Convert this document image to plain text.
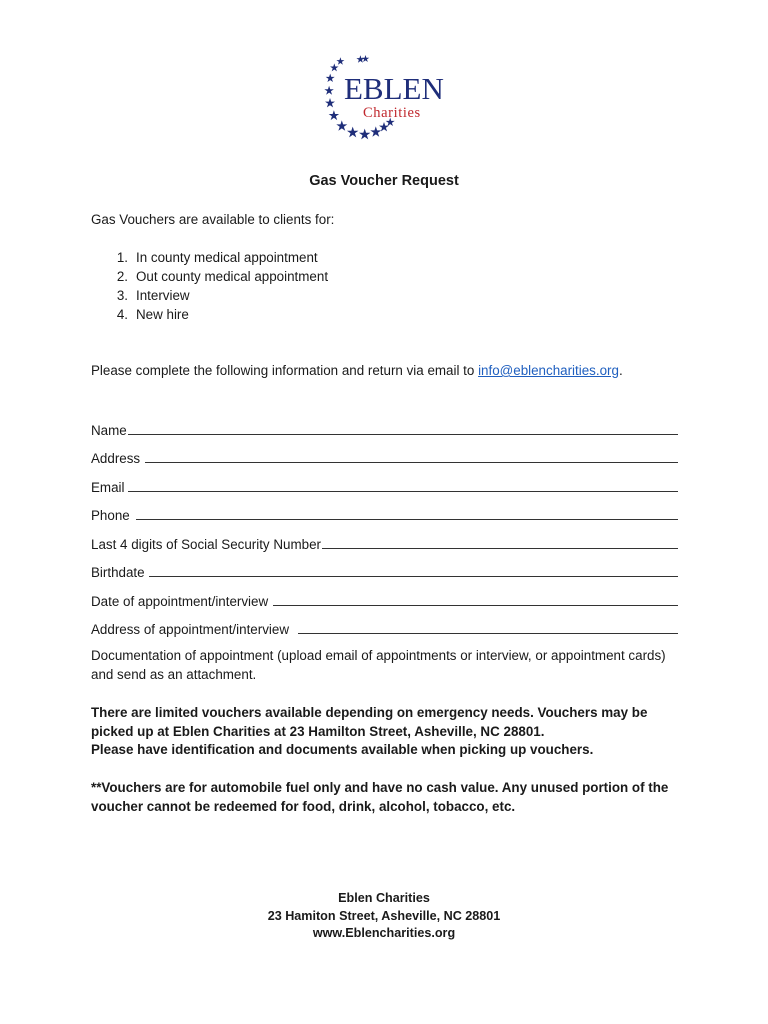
EBLEN
Charities
Gas Voucher Request
Gas Vouchers are available to clients for:
1. In county medical appointment
2. Out county medical appointment
3. Interview
4. New hire
Please complete the following information and return via email to info@eblencharities.org.
Name
Address
Email
Phone
Last 4 digits of Social Security Number
Birthdate
Date of appointment/interview
Address of appointment/interview
Documentation of appointment (upload email of appointments or interview, or appointment cards) and send as an attachment.
There are limited vouchers available depending on emergency needs. Vouchers may be picked up at Eblen Charities at 23 Hamilton Street, Asheville, NC 28801.
Please have identification and documents available when picking up vouchers.
**Vouchers are for automobile fuel only and have no cash value. Any unused portion of the voucher cannot be redeemed for food, drink, alcohol, tobacco, etc.
Eblen Charities
23 Hamiton Street, Asheville, NC 28801
www.Eblencharities.org
